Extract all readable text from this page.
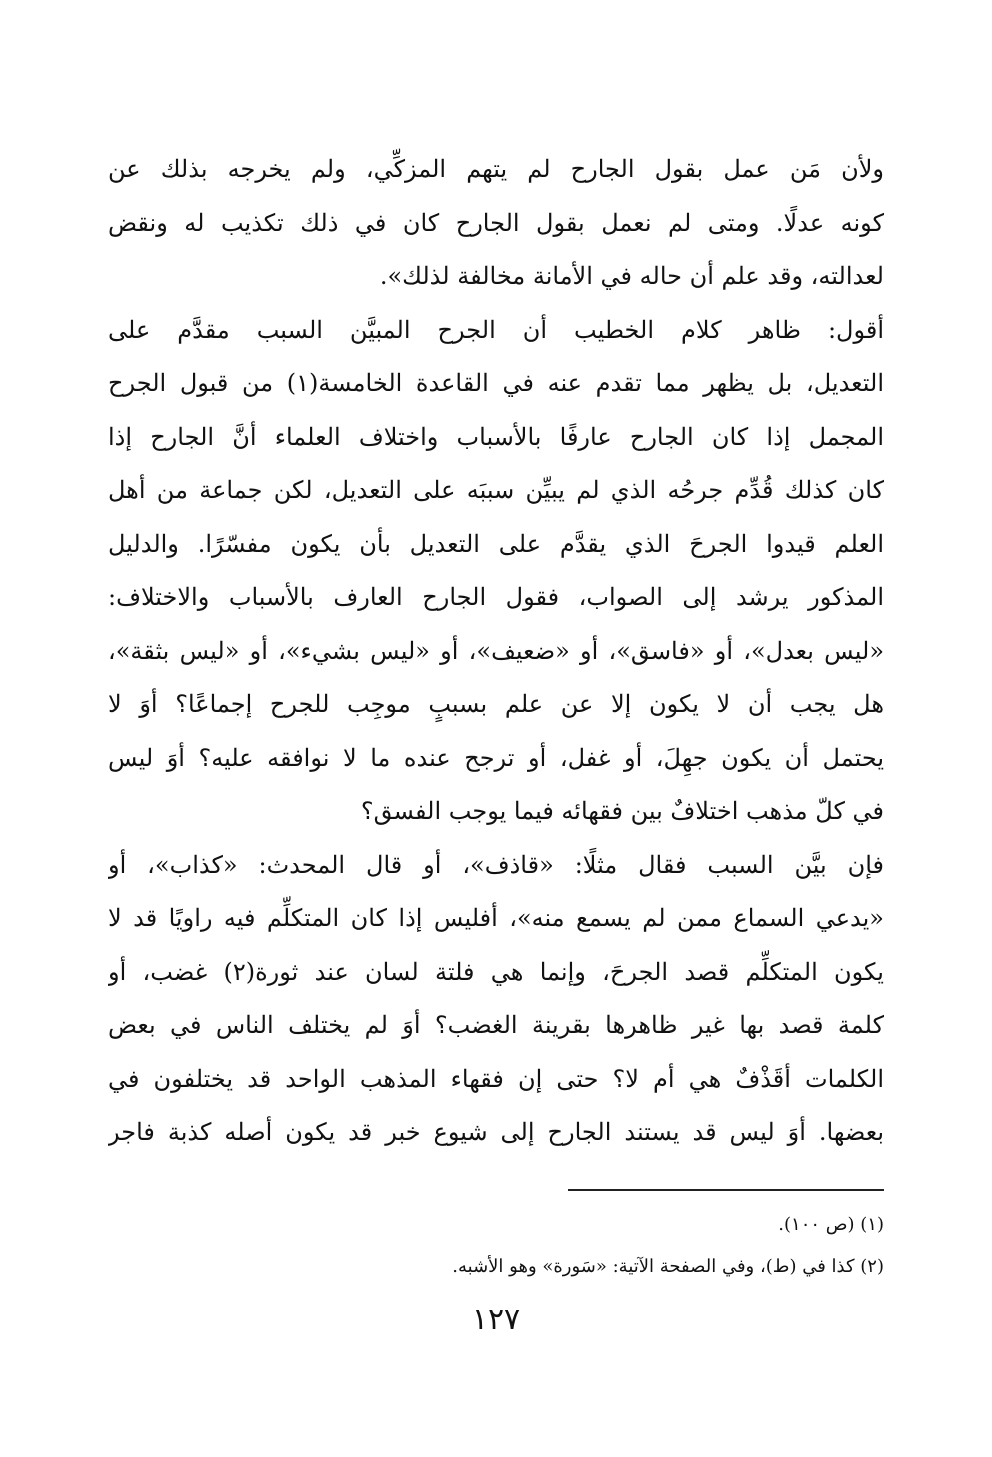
ولأن مَن عمل بقول الجارح لم يتهم المزكِّي، ولم يخرجه بذلك عن
كونه عدلًا. ومتى لم نعمل بقول الجارح كان في ذلك تكذيب له ونقض
لعدالته، وقد علم أن حاله في الأمانة مخالفة لذلك».
أقول: ظاهر كلام الخطيب أن الجرح المبيَّن السبب مقدَّم على
التعديل، بل يظهر مما تقدم عنه في القاعدة الخامسة(١) من قبول الجرح
المجمل إذا كان الجارح عارفًا بالأسباب واختلاف العلماء أنَّ الجارح إذا
كان كذلك قُدِّم جرحُه الذي لم يبيِّن سببَه على التعديل، لكن جماعة من أهل
العلم قيدوا الجرحَ الذي يقدَّم على التعديل بأن يكون مفسّرًا. والدليل
المذكور يرشد إلى الصواب، فقول الجارح العارف بالأسباب والاختلاف:
«ليس بعدل»، أو «فاسق»، أو «ضعيف»، أو «ليس بشيء»، أو «ليس بثقة»،
هل يجب أن لا يكون إلا عن علم بسببٍ موجِب للجرح إجماعًا؟ أوَ لا
يحتمل أن يكون جهِلَ، أو غفل، أو ترجح عنده ما لا نوافقه عليه؟ أوَ ليس
في كلّ مذهب اختلافٌ بين فقهائه فيما يوجب الفسق؟
فإن بيَّن السبب فقال مثلًا: «قاذف»، أو قال المحدث: «كذاب»، أو
«يدعي السماع ممن لم يسمع منه»، أفليس إذا كان المتكلِّم فيه راويًا قد لا
يكون المتكلِّم قصد الجرحَ، وإنما هي فلتة لسان عند ثورة(٢) غضب، أو
كلمة قصد بها غير ظاهرها بقرينة الغضب؟ أوَ لم يختلف الناس في بعض
الكلمات أقَذْفٌ هي أم لا؟ حتى إن فقهاء المذهب الواحد قد يختلفون في
بعضها. أوَ ليس قد يستند الجارح إلى شيوع خبر قد يكون أصله كذبة فاجر
(١) (ص ١٠٠).
(٢) كذا في (ط)، وفي الصفحة الآتية: «سَورة» وهو الأشبه.
١٢٧
